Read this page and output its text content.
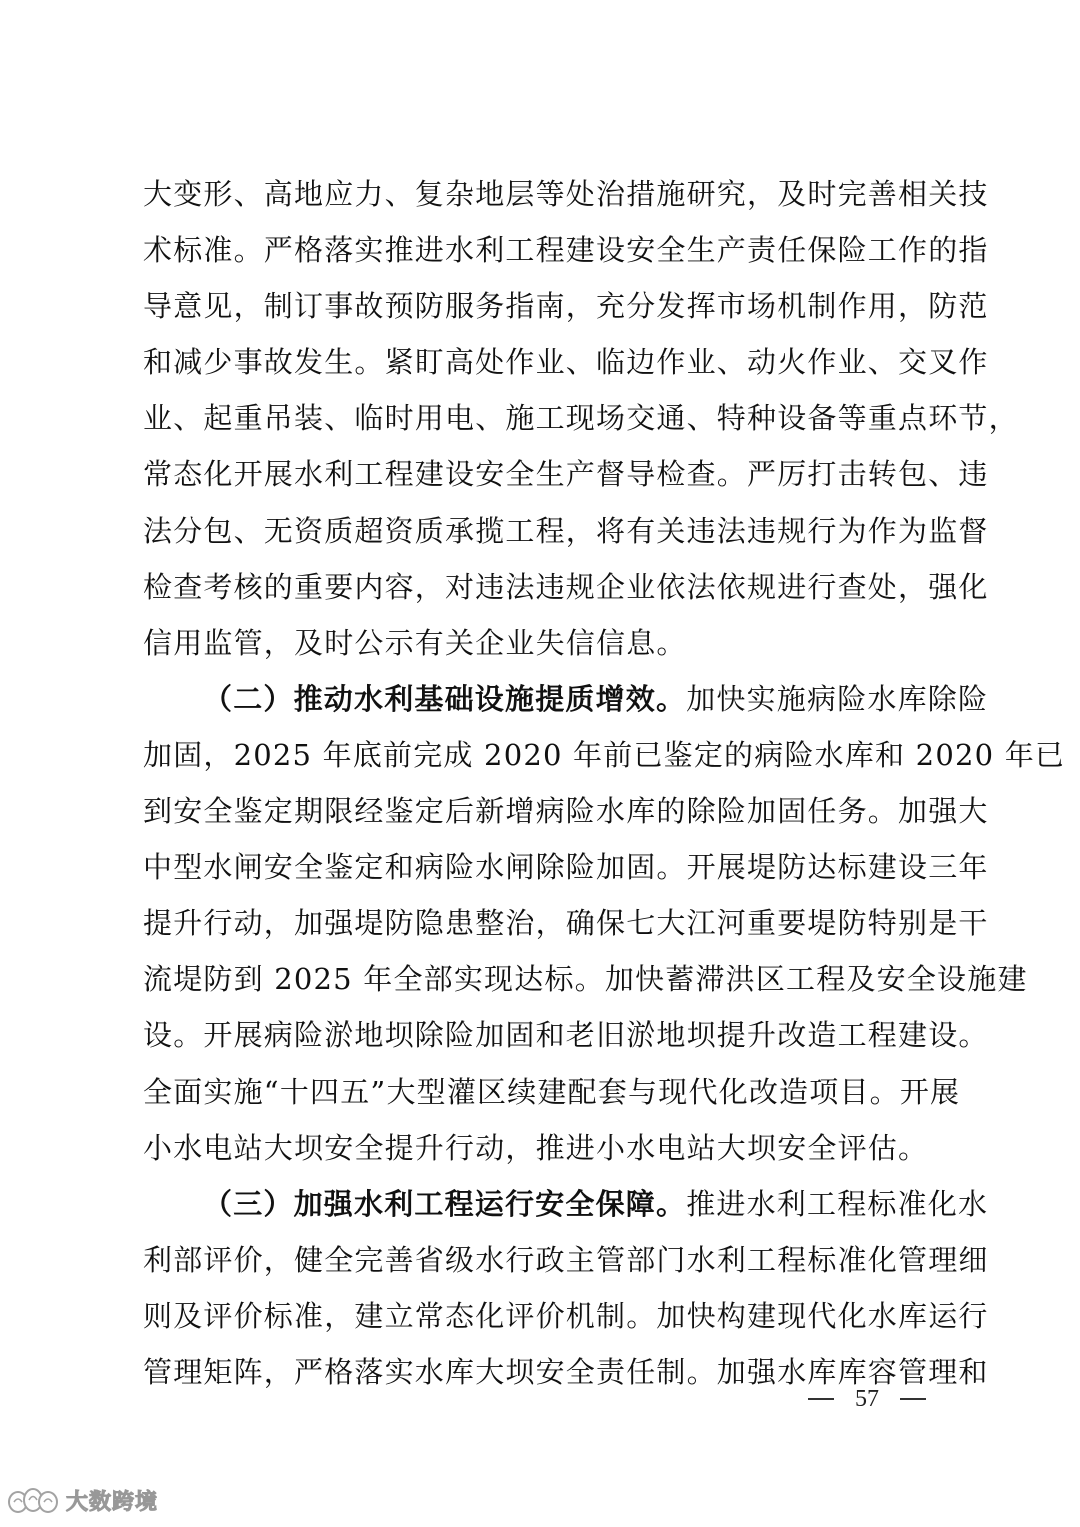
大变形、高地应力、复杂地层等处治措施研究，及时完善相关技
术标准。严格落实推进水利工程建设安全生产责任保险工作的指
导意见，制订事故预防服务指南，充分发挥市场机制作用，防范
和减少事故发生。紧盯高处作业、临边作业、动火作业、交叉作
业、起重吊装、临时用电、施工现场交通、特种设备等重点环节，
常态化开展水利工程建设安全生产督导检查。严厉打击转包、违
法分包、无资质超资质承揽工程，将有关违法违规行为作为监督
检查考核的重要内容，对违法违规企业依法依规进行查处，强化
信用监管，及时公示有关企业失信信息。
（二）推动水利基础设施提质增效。加快实施病险水库除险
加固，2025 年底前完成 2020 年前已鉴定的病险水库和 2020 年已
到安全鉴定期限经鉴定后新增病险水库的除险加固任务。加强大
中型水闸安全鉴定和病险水闸除险加固。开展堤防达标建设三年
提升行动，加强堤防隐患整治，确保七大江河重要堤防特别是干
流堤防到 2025 年全部实现达标。加快蓄滞洪区工程及安全设施建
设。开展病险淤地坝除险加固和老旧淤地坝提升改造工程建设。
全面实施“十四五”大型灌区续建配套与现代化改造项目。开展
小水电站大坝安全提升行动，推进小水电站大坝安全评估。
（三）加强水利工程运行安全保障。推进水利工程标准化水
利部评价，健全完善省级水行政主管部门水利工程标准化管理细
则及评价标准，建立常态化评价机制。加快构建现代化水库运行
管理矩阵，严格落实水库大坝安全责任制。加强水库库容管理和
57
大数跨境
